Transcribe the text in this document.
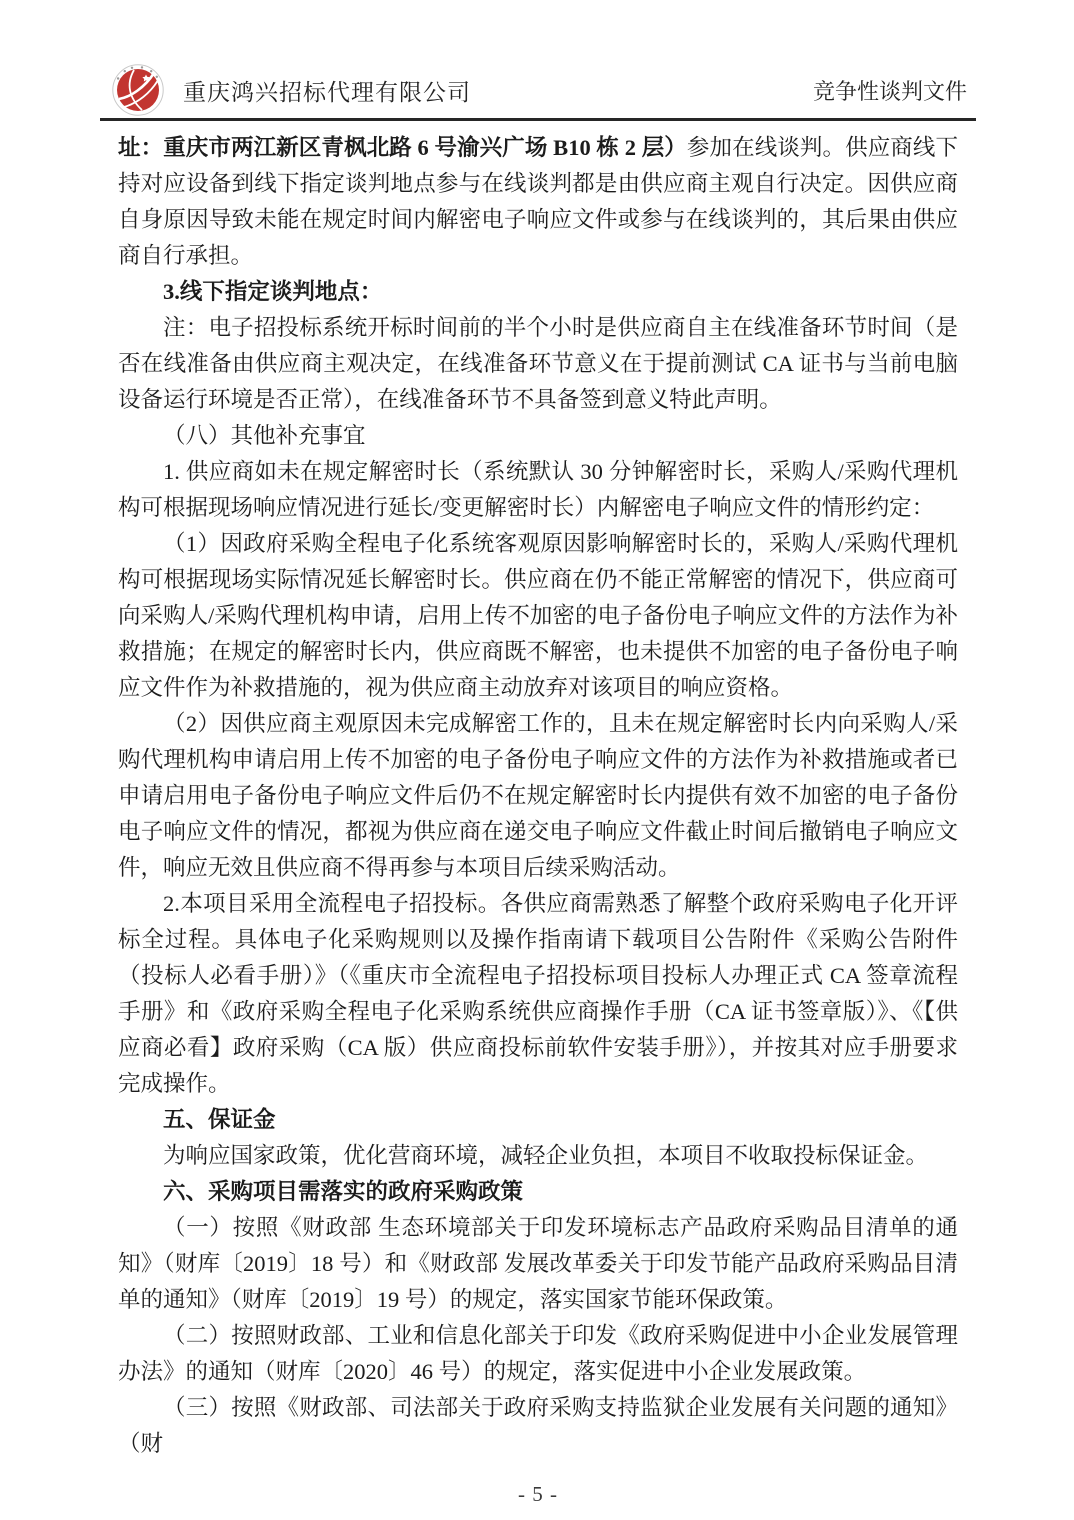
重庆鸿兴招标代理有限公司	竞争性谈判文件

址：重庆市两江新区青枫北路 6 号渝兴广场 B10 栋 2 层）参加在线谈判。供应商线下持对应设备到线下指定谈判地点参与在线谈判都是由供应商主观自行决定。因供应商自身原因导致未能在规定时间内解密电子响应文件或参与在线谈判的，其后果由供应商自行承担。

3.线下指定谈判地点：

注：电子招投标系统开标时间前的半个小时是供应商自主在线准备环节时间（是否在线准备由供应商主观决定，在线准备环节意义在于提前测试 CA 证书与当前电脑设备运行环境是否正常），在线准备环节不具备签到意义特此声明。

（八）其他补充事宜

1. 供应商如未在规定解密时长（系统默认 30 分钟解密时长，采购人/采购代理机构可根据现场响应情况进行延长/变更解密时长）内解密电子响应文件的情形约定：

（1）因政府采购全程电子化系统客观原因影响解密时长的，采购人/采购代理机构可根据现场实际情况延长解密时长。供应商在仍不能正常解密的情况下，供应商可向采购人/采购代理机构申请，启用上传不加密的电子备份电子响应文件的方法作为补救措施；在规定的解密时长内，供应商既不解密，也未提供不加密的电子备份电子响应文件作为补救措施的，视为供应商主动放弃对该项目的响应资格。

（2）因供应商主观原因未完成解密工作的，且未在规定解密时长内向采购人/采购代理机构申请启用上传不加密的电子备份电子响应文件的方法作为补救措施或者已申请启用电子备份电子响应文件后仍不在规定解密时长内提供有效不加密的电子备份电子响应文件的情况，都视为供应商在递交电子响应文件截止时间后撤销电子响应文件，响应无效且供应商不得再参与本项目后续采购活动。

2.本项目采用全流程电子招投标。各供应商需熟悉了解整个政府采购电子化开评标全过程。具体电子化采购规则以及操作指南请下载项目公告附件《采购公告附件（投标人必看手册）》（《重庆市全流程电子招投标项目投标人办理正式 CA 签章流程手册》和《政府采购全程电子化采购系统供应商操作手册（CA 证书签章版）》、《【供应商必看】政府采购（CA 版）供应商投标前软件安装手册》），并按其对应手册要求完成操作。

五、保证金

为响应国家政策，优化营商环境，减轻企业负担，本项目不收取投标保证金。

六、采购项目需落实的政府采购政策

（一）按照《财政部 生态环境部关于印发环境标志产品政府采购品目清单的通知》（财库〔2019〕18 号）和《财政部 发展改革委关于印发节能产品政府采购品目清单的通知》（财库〔2019〕19 号）的规定，落实国家节能环保政策。

（二）按照财政部、工业和信息化部关于印发《政府采购促进中小企业发展管理办法》的通知（财库〔2020〕46 号）的规定，落实促进中小企业发展政策。

（三）按照《财政部、司法部关于政府采购支持监狱企业发展有关问题的通知》（财

- 5 -
